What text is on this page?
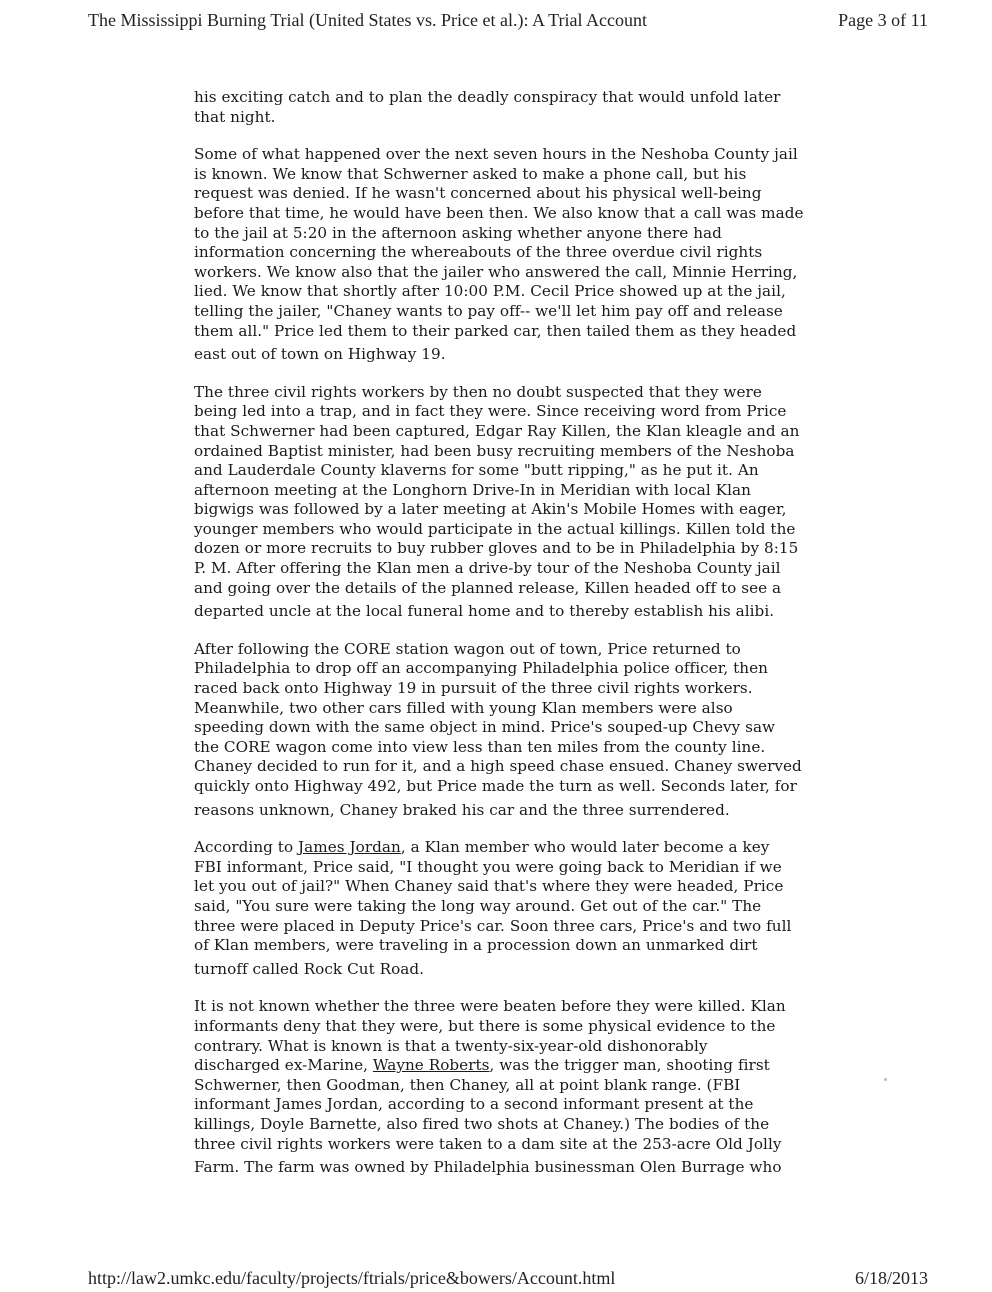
The Mississippi Burning Trial (United States vs. Price et al.): A Trial Account	Page 3 of 11
his exciting catch and to plan the deadly conspiracy that would unfold later
that night.
Some of what happened over the next seven hours in the Neshoba County jail
is known. We know that Schwerner asked to make a phone call, but his
request was denied. If he wasn't concerned about his physical well-being
before that time, he would have been then. We also know that a call was made
to the jail at 5:20 in the afternoon asking whether anyone there had
information concerning the whereabouts of the three overdue civil rights
workers. We know also that the jailer who answered the call, Minnie Herring,
lied. We know that shortly after 10:00 P.M. Cecil Price showed up at the jail,
telling the jailer, "Chaney wants to pay off-- we'll let him pay off and release
them all." Price led them to their parked car, then tailed them as they headed
east out of town on Highway 19.
The three civil rights workers by then no doubt suspected that they were
being led into a trap, and in fact they were. Since receiving word from Price
that Schwerner had been captured, Edgar Ray Killen, the Klan kleagle and an
ordained Baptist minister, had been busy recruiting members of the Neshoba
and Lauderdale County klaverns for some "butt ripping," as he put it. An
afternoon meeting at the Longhorn Drive-In in Meridian with local Klan
bigwigs was followed by a later meeting at Akin's Mobile Homes with eager,
younger members who would participate in the actual killings. Killen told the
dozen or more recruits to buy rubber gloves and to be in Philadelphia by 8:15
P. M. After offering the Klan men a drive-by tour of the Neshoba County jail
and going over the details of the planned release, Killen headed off to see a
departed uncle at the local funeral home and to thereby establish his alibi.
After following the CORE station wagon out of town, Price returned to
Philadelphia to drop off an accompanying Philadelphia police officer, then
raced back onto Highway 19 in pursuit of the three civil rights workers.
Meanwhile, two other cars filled with young Klan members were also
speeding down with the same object in mind. Price's souped-up Chevy saw
the CORE wagon come into view less than ten miles from the county line.
Chaney decided to run for it, and a high speed chase ensued. Chaney swerved
quickly onto Highway 492, but Price made the turn as well. Seconds later, for
reasons unknown, Chaney braked his car and the three surrendered.
According to James Jordan, a Klan member who would later become a key
FBI informant, Price said, "I thought you were going back to Meridian if we
let you out of jail?" When Chaney said that's where they were headed, Price
said, "You sure were taking the long way around. Get out of the car." The
three were placed in Deputy Price's car. Soon three cars, Price's and two full
of Klan members, were traveling in a procession down an unmarked dirt
turnoff called Rock Cut Road.
It is not known whether the three were beaten before they were killed. Klan
informants deny that they were, but there is some physical evidence to the
contrary. What is known is that a twenty-six-year-old dishonorably
discharged ex-Marine, Wayne Roberts, was the trigger man, shooting first
Schwerner, then Goodman, then Chaney, all at point blank range. (FBI
informant James Jordan, according to a second informant present at the
killings, Doyle Barnette, also fired two shots at Chaney.) The bodies of the
three civil rights workers were taken to a dam site at the 253-acre Old Jolly
Farm. The farm was owned by Philadelphia businessman Olen Burrage who
http://law2.umkc.edu/faculty/projects/ftrials/price&bowers/Account.html	6/18/2013
